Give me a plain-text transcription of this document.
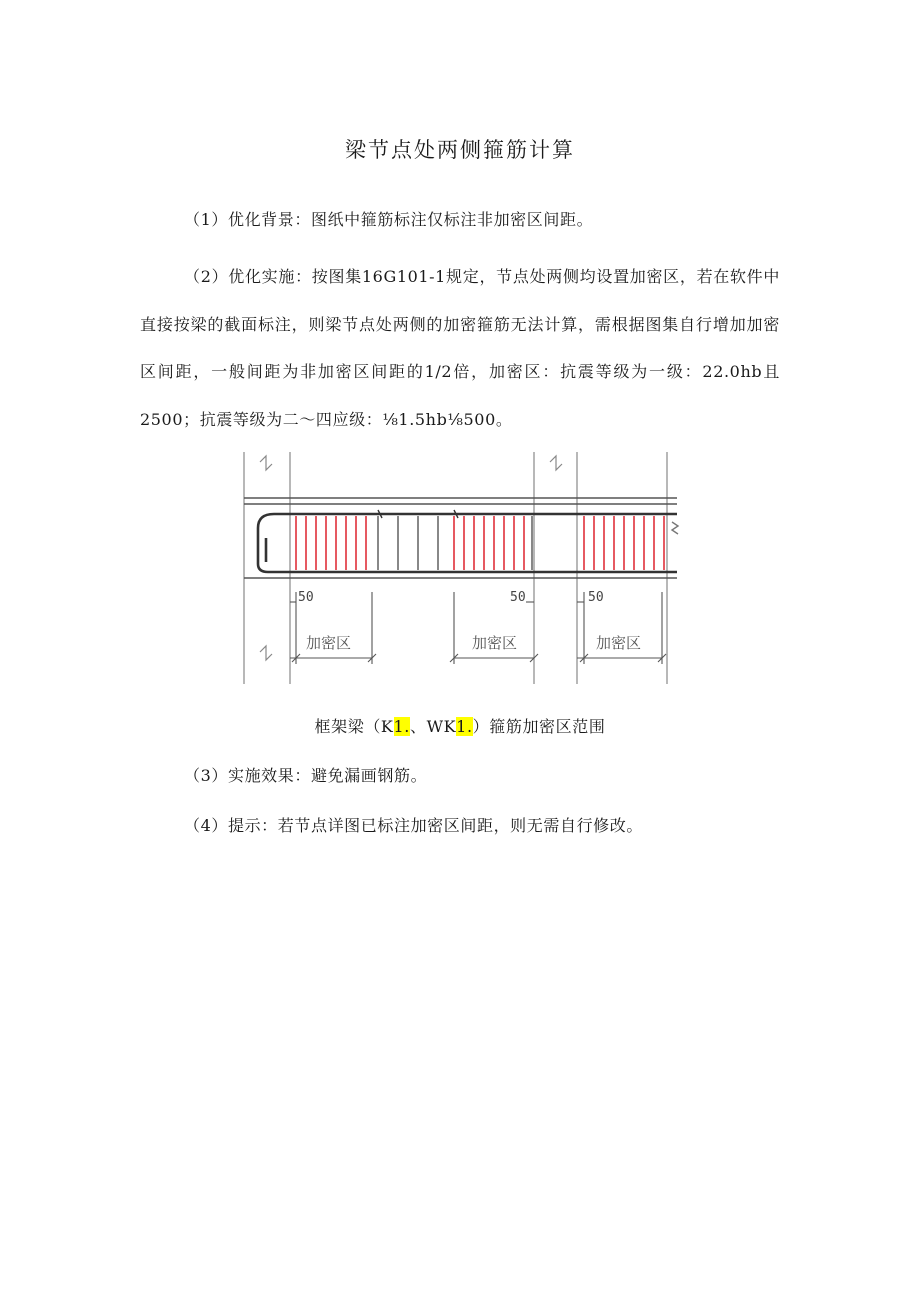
梁节点处两侧箍筋计算

（1）优化背景：图纸中箍筋标注仅标注非加密区间距。

（2）优化实施：按图集16G101-1规定，节点处两侧均设置加密区，若在软件中直接按梁的截面标注，则梁节点处两侧的加密箍筋无法计算，需根据图集自行增加加密区间距，一般间距为非加密区间距的1/2倍，加密区：抗震等级为一级：22.0hb且2500；抗震等级为二～四应级：⅛1.5hb⅛500。

50	50	50
加密区	加密区	加密区
框架梁（K1.、WK1.）箍筋加密区范围

（3）实施效果：避免漏画钢筋。

（4）提示：若节点详图已标注加密区间距，则无需自行修改。
